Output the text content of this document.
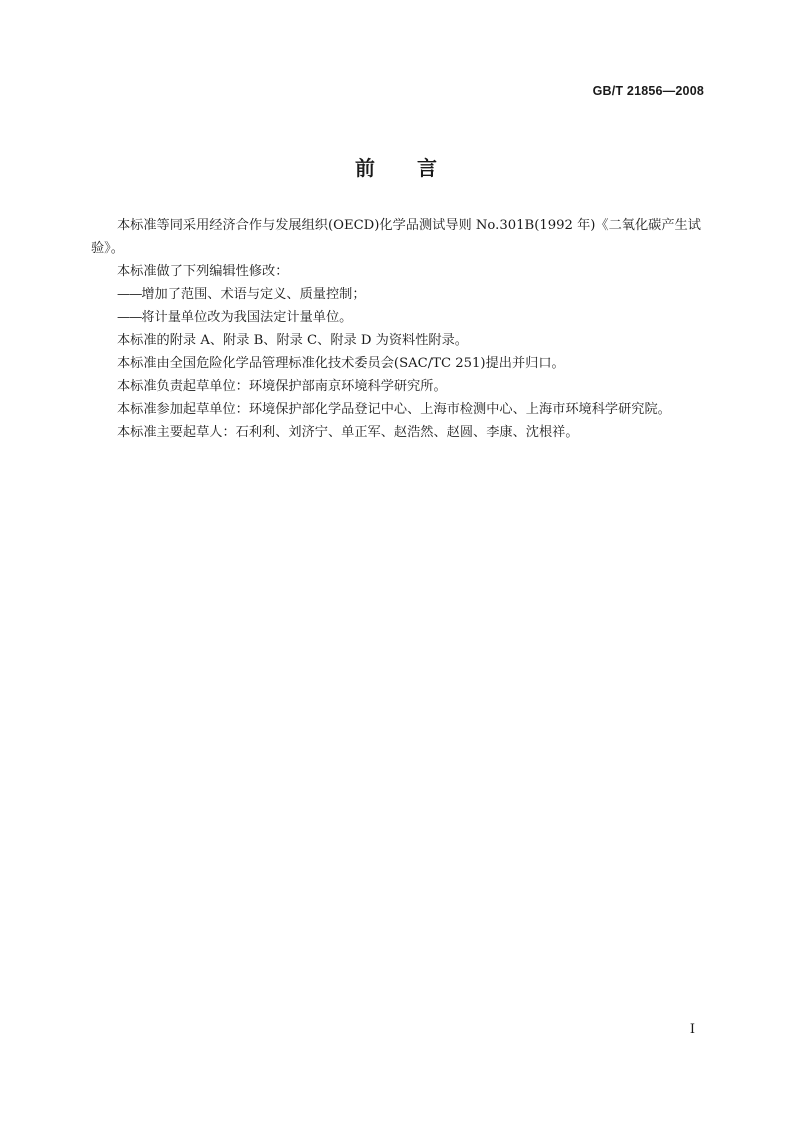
GB/T 21856—2008
前 言

本标准等同采用经济合作与发展组织(OECD)化学品测试导则 No.301B(1992 年)《二氧化碳产生试验》。

本标准做了下列编辑性修改：

——增加了范围、术语与定义、质量控制；

——将计量单位改为我国法定计量单位。

本标准的附录 A、附录 B、附录 C、附录 D 为资料性附录。

本标准由全国危险化学品管理标准化技术委员会(SAC/TC 251)提出并归口。

本标准负责起草单位：环境保护部南京环境科学研究所。

本标准参加起草单位：环境保护部化学品登记中心、上海市检测中心、上海市环境科学研究院。

本标准主要起草人：石利利、刘济宁、单正军、赵浩然、赵圆、李康、沈根祥。

I
